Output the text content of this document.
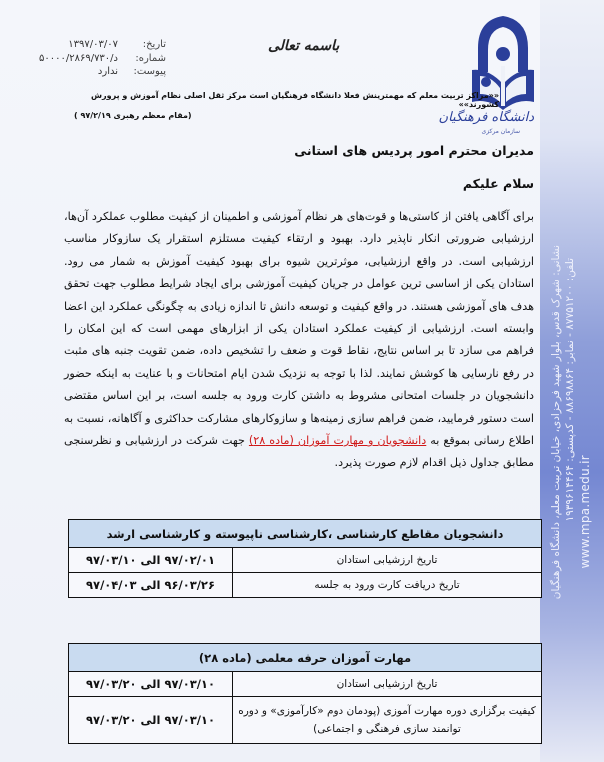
نشانی: شهرک قدس، بلوار شهید فرحزادی، خیابان تربیت معلم، دانشگاه فرهنگیان تلفن: ۸۷۷۵۱۲۰۰ - نمابر: ۸۸۶۹۸۸۶۴ - کدپستی: ۱۹۳۹۶۱۴۴۶۴
www.mpa.medu.ir
دانشگاه فرهنگیان
سازمان مرکزی
باسمه تعالی
تاریخ:
۱۳۹۷/۰۳/۰۷
شماره:
۵۰۰۰۰/۲۸۶۹/۷۳۰/د
پیوست:
ندارد
««مراکز تربیت معلم که مهمترینش فعلا دانشگاه فرهنگیان است مرکز ثقل اصلی نظام آموزش و پرورش کشورند»»
(مقام معظم رهبری ۹۷/۲/۱۹ )
مدیران محترم امور پردیس های استانی
سلام علیکم
برای آگاهی یافتن از کاستی‌ها و قوت‌های هر نظام آموزشی و اطمینان از کیفیت مطلوب عملکرد آن‌ها، ارزشیابی ضرورتی انکار ناپذیر دارد. بهبود و ارتقاء کیفیت مستلزم استقرار یک سازوکار مناسب ارزشیابی است. در واقع ارزشیابی، موثرترین شیوه برای بهبود کیفیت آموزش به شمار می رود. استادان یکی از اساسی ترین عوامل در جریان کیفیت آموزشی برای ایجاد شرایط مطلوب جهت تحقق هدف های آموزشی هستند. در واقع کیفیت و توسعه دانش تا اندازه زیادی به چگونگی عملکرد این اعضا وابسته است. ارزشیابی از کیفیت عملکرد استادان یکی از ابزارهای مهمی است که این امکان را فراهم می سازد تا بر اساس نتایج، نقاط قوت و ضعف را تشخیص داده، ضمن تقویت جنبه های مثبت در رفع نارسایی ها کوشش نمایند. لذا با توجه به نزدیک شدن ایام امتحانات و با عنایت به اینکه حضور دانشجویان در جلسات امتحانی مشروط به داشتن کارت ورود به جلسه است، بر این اساس مقتضی است دستور فرمایید، ضمن فراهم سازی زمینه‌ها و سازوکارهای مشارکت حداکثری و آگاهانه، نسبت به اطلاع رسانی بموقع به دانشجویان و مهارت آموزان (ماده ۲۸) جهت شرکت در ارزشیابی و نظرسنجی مطابق جداول ذیل اقدام لازم صورت پذیرد.
دانشجویان مقاطع کارشناسی ،کارشناسی ناپیوسته و کارشناسی ارشد	
تاریخ ارزشیابی استادان	۹۷/۰۲/۰۱ الی ۹۷/۰۳/۱۰
تاریخ دریافت کارت ورود به جلسه	۹۶/۰۳/۲۶ الی ۹۷/۰۴/۰۳
مهارت آموزان حرفه معلمی (ماده ۲۸)	
تاریخ ارزشیابی استادان	۹۷/۰۳/۱۰ الی ۹۷/۰۳/۲۰
کیفیت برگزاری دوره مهارت آموزی (پودمان دوم «کارآموزی» و دوره توانمند سازی فرهنگی و اجتماعی)	۹۷/۰۳/۱۰ الی ۹۷/۰۳/۲۰
